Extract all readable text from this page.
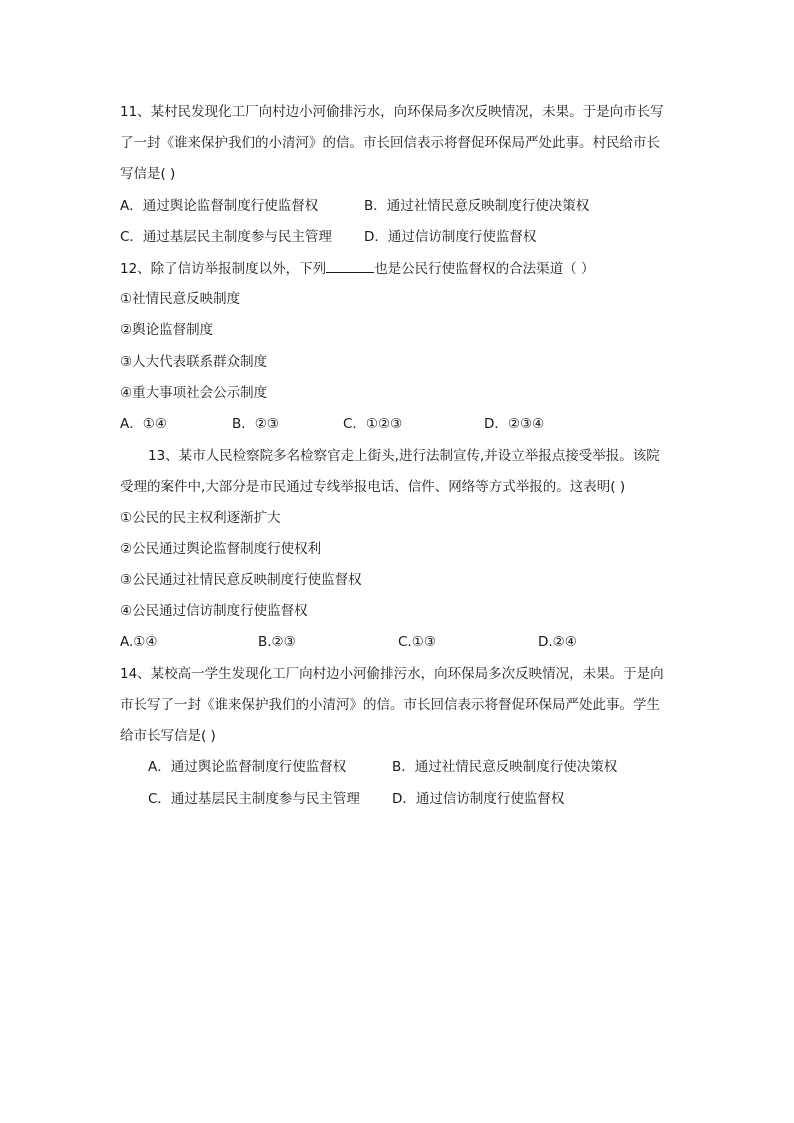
11、某村民发现化工厂向村边小河偷排污水，向环保局多次反映情况，未果。于是向市长写
了一封《谁来保护我们的小清河》的信。市长回信表示将督促环保局严处此事。村民给市长
写信是( )
A．通过舆论监督制度行使监督权	B．通过社情民意反映制度行使决策权
C．通过基层民主制度参与民主管理 D．通过信访制度行使监督权
12、除了信访举报制度以外，下列	也是公民行使监督权的合法渠道（ ）
①社情民意反映制度
②舆论监督制度
③人大代表联系群众制度
④重大事项社会公示制度
A．①④	B．②③	C．①②③	D．②③④
13、某市人民检察院多名检察官走上街头,进行法制宣传,并设立举报点接受举报。该院
受理的案件中,大部分是市民通过专线举报电话、信件、网络等方式举报的。这表明( )
①公民的民主权利逐渐扩大
②公民通过舆论监督制度行使权利
③公民通过社情民意反映制度行使监督权
④公民通过信访制度行使监督权
A.①④	B.②③	C.①③	D.②④
14、某校高一学生发现化工厂向村边小河偷排污水，向环保局多次反映情况，未果。于是向
市长写了一封《谁来保护我们的小清河》的信。市长回信表示将督促环保局严处此事。学生
给市长写信是( )
A．通过舆论监督制度行使监督权	B．通过社情民意反映制度行使决策权
C．通过基层民主制度参与民主管理 D．通过信访制度行使监督权
